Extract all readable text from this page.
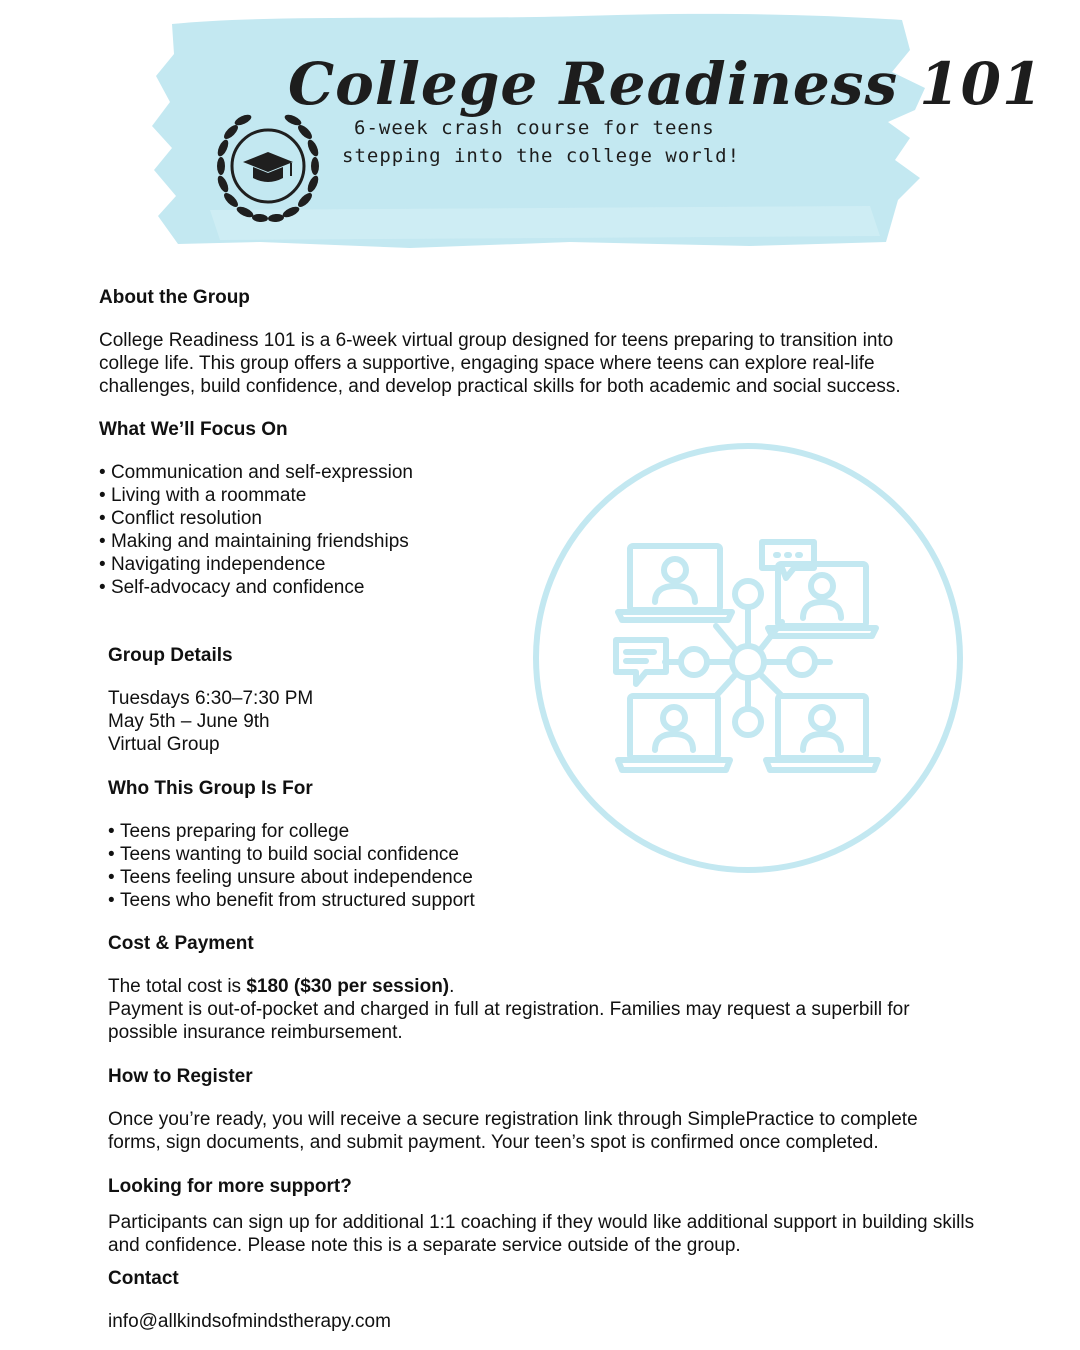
College Readiness 101

6-week crash course for teens

stepping into the college world!

About the Group

College Readiness 101 is a 6-week virtual group designed for teens preparing to transition into college life. This group offers a supportive, engaging space where teens can explore real-life challenges, build confidence, and develop practical skills for both academic and social success.

What We’ll Focus On
• Communication and self-expression
• Living with a roommate
• Conflict resolution
• Making and maintaining friendships
• Navigating independence
• Self-advocacy and confidence
Group Details

Tuesdays 6:30–7:30 PM

May 5th – June 9th

Virtual Group

Who This Group Is For
• Teens preparing for college
• Teens wanting to build social confidence
• Teens feeling unsure about independence
• Teens who benefit from structured support
Cost & Payment

The total cost is $180 ($30 per session).

Payment is out-of-pocket and charged in full at registration. Families may request a superbill for possible insurance reimbursement.

How to Register

Once you’re ready, you will receive a secure registration link through SimplePractice to complete forms, sign documents, and submit payment. Your teen’s spot is confirmed once completed.

Looking for more support?

Participants can sign up for additional 1:1 coaching if they would like additional support in building skills and confidence. Please note this is a separate service outside of the group.

Contact

info@allkindsofmindstherapy.com
